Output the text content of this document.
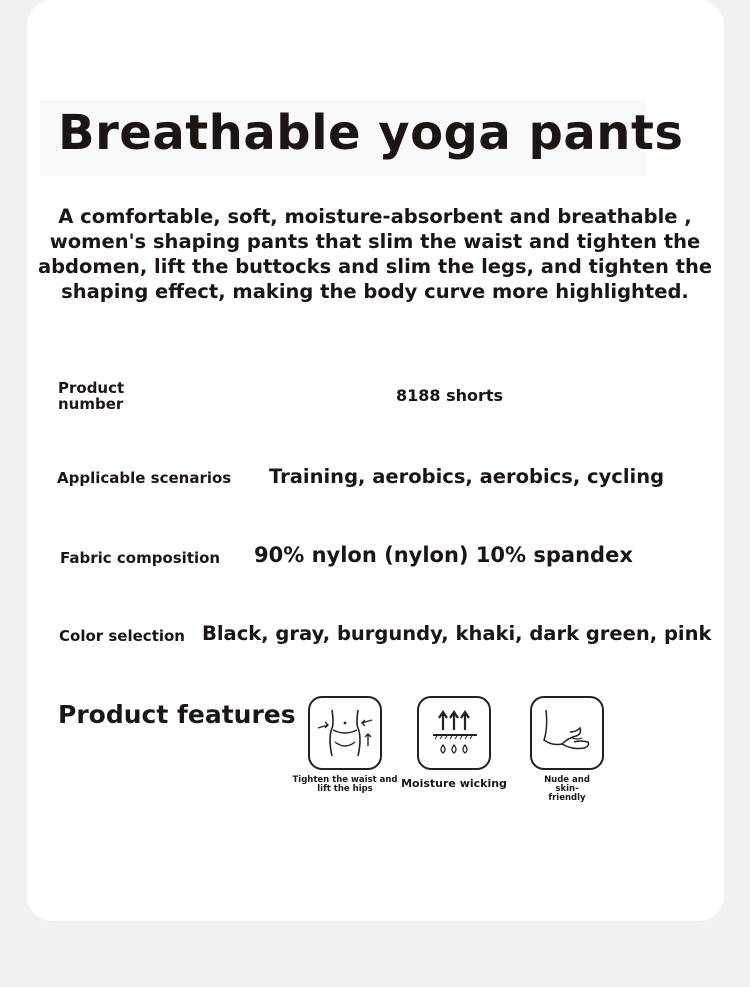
Breathable yoga pants
A comfortable, soft, moisture-absorbent and breathable , women's shaping pants that slim the waist and tighten the abdomen, lift the buttocks and slim the legs, and tighten the shaping effect, making the body curve more highlighted.
Product number	8188 shorts
Applicable scenarios Training, aerobics, aerobics, cycling
Fabric composition 90% nylon (nylon) 10% spandex
Color selection Black, gray, burgundy, khaki, dark green, pink
Product features
Tighten the waist and lift the hips	Moisture wicking	Nude and skin-friendly
